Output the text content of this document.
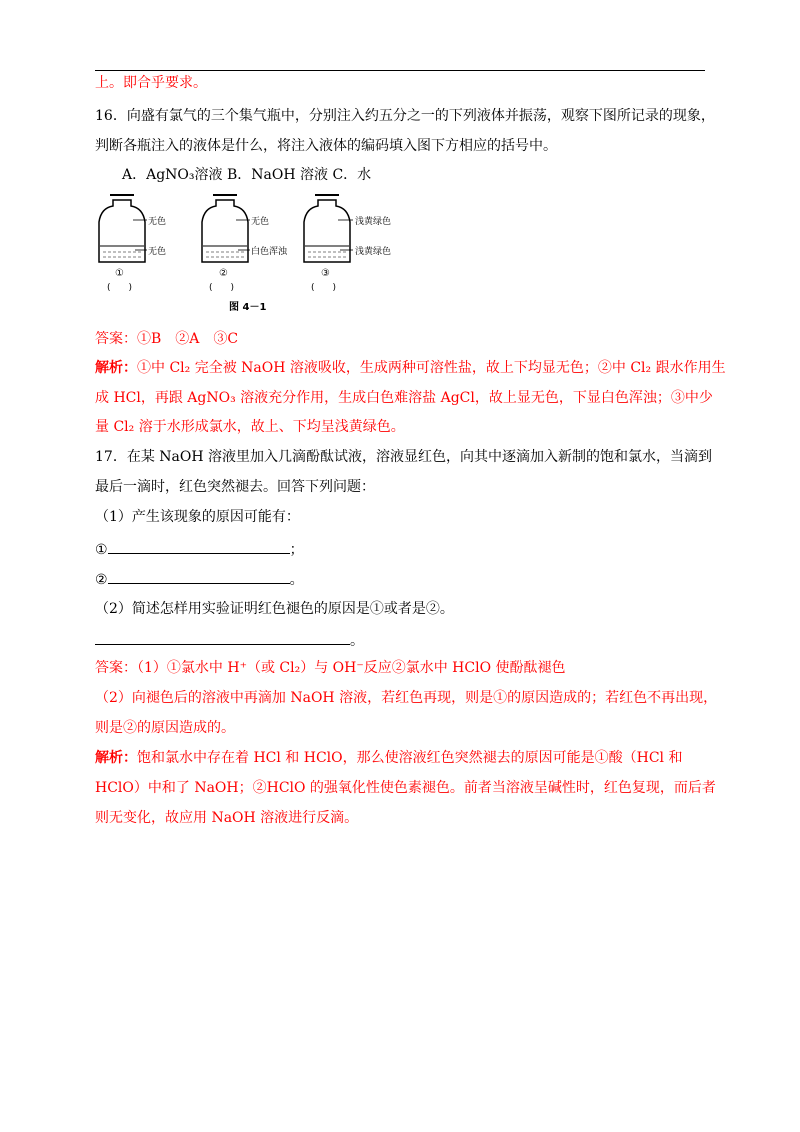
上。即合乎要求。
16．向盛有氯气的三个集气瓶中，分别注入约五分之一的下列液体并振荡，观察下图所记录的现象，
判断各瓶注入的液体是什么，将注入液体的编码填入图下方相应的括号中。
A．AgNO₃溶液 B．NaOH 溶液 C．水
无色
无色
①
(　　)
无色
白色浑浊
②
(　　)
浅黄绿色
浅黄绿色
③
(　　)
图 4－1
答案：①B　②A　③C
解析：①中 Cl₂ 完全被 NaOH 溶液吸收，生成两种可溶性盐，故上下均显无色；②中 Cl₂ 跟水作用生
成 HCl，再跟 AgNO₃ 溶液充分作用，生成白色难溶盐 AgCl，故上显无色，下显白色浑浊；③中少
量 Cl₂ 溶于水形成氯水，故上、下均呈浅黄绿色。
17．在某 NaOH 溶液里加入几滴酚酞试液，溶液显红色，向其中逐滴加入新制的饱和氯水，当滴到
最后一滴时，红色突然褪去。回答下列问题：
（1）产生该现象的原因可能有：
①	；
②	。
（2）简述怎样用实验证明红色褪色的原因是①或者是②。
。
答案：（1）①氯水中 H⁺（或 Cl₂）与 OH⁻反应②氯水中 HClO 使酚酞褪色
（2）向褪色后的溶液中再滴加 NaOH 溶液，若红色再现，则是①的原因造成的；若红色不再出现，
则是②的原因造成的。
解析：饱和氯水中存在着 HCl 和 HClO，那么使溶液红色突然褪去的原因可能是①酸（HCl 和
HClO）中和了 NaOH；②HClO 的强氧化性使色素褪色。前者当溶液呈碱性时，红色复现，而后者
则无变化，故应用 NaOH 溶液进行反滴。
